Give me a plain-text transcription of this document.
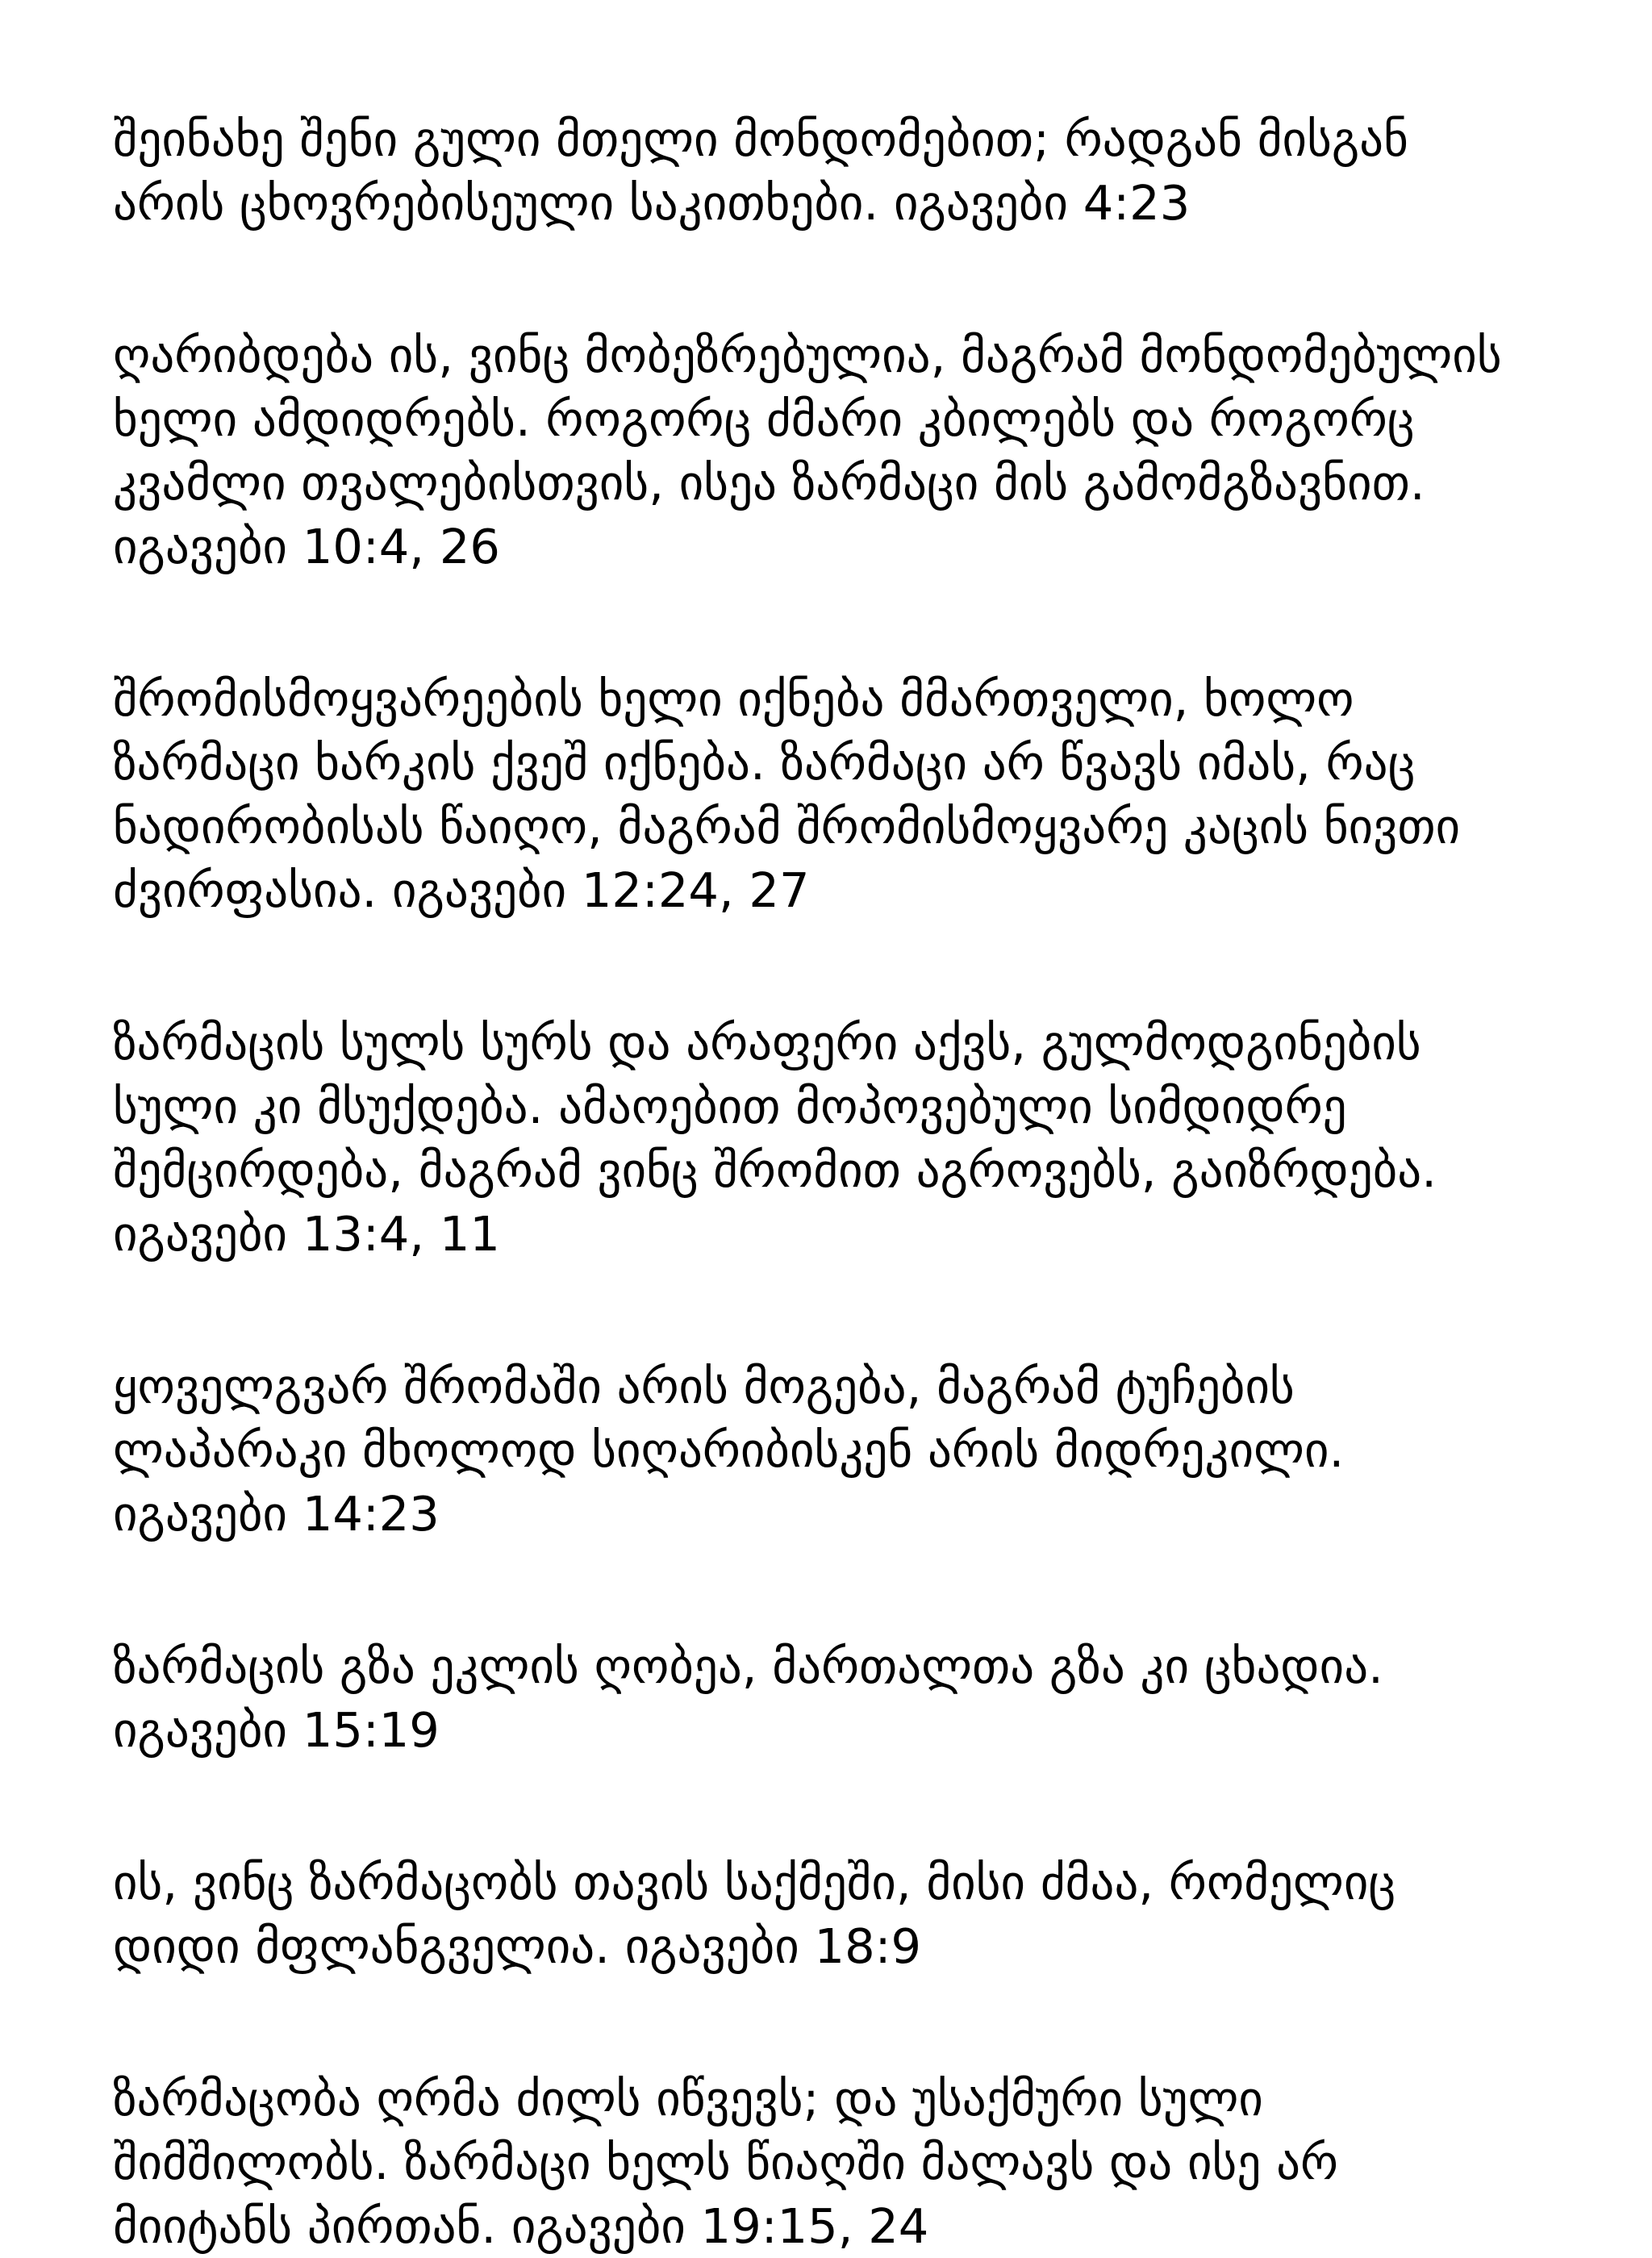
შეინახე შენი გული მთელი მონდომებით; რადგან მისგან
არის ცხოვრებისეული საკითხები. იგავები 4:23
ღარიბდება ის, ვინც მობეზრებულია, მაგრამ მონდომებულის
ხელი ამდიდრებს. როგორც ძმარი კბილებს და როგორც
კვამლი თვალებისთვის, ისეა ზარმაცი მის გამომგზავნით.
იგავები 10:4, 26
შრომისმოყვარეების ხელი იქნება მმართველი, ხოლო
ზარმაცი ხარკის ქვეშ იქნება. ზარმაცი არ წვავს იმას, რაც
ნადირობისას წაიღო, მაგრამ შრომისმოყვარე კაცის ნივთი
ძვირფასია. იგავები 12:24, 27
ზარმაცის სულს სურს და არაფერი აქვს, გულმოდგინების
სული კი მსუქდება. ამაოებით მოპოვებული სიმდიდრე
შემცირდება, მაგრამ ვინც შრომით აგროვებს, გაიზრდება.
იგავები 13:4, 11
ყოველგვარ შრომაში არის მოგება, მაგრამ ტუჩების
ლაპარაკი მხოლოდ სიღარიბისკენ არის მიდრეკილი.
იგავები 14:23
ზარმაცის გზა ეკლის ღობეა, მართალთა გზა კი ცხადია.
იგავები 15:19
ის, ვინც ზარმაცობს თავის საქმეში, მისი ძმაა, რომელიც
დიდი მფლანგველია. იგავები 18:9
ზარმაცობა ღრმა ძილს იწვევს; და უსაქმური სული
შიმშილობს. ზარმაცი ხელს წიაღში მალავს და ისე არ
მიიტანს პირთან. იგავები 19:15, 24
